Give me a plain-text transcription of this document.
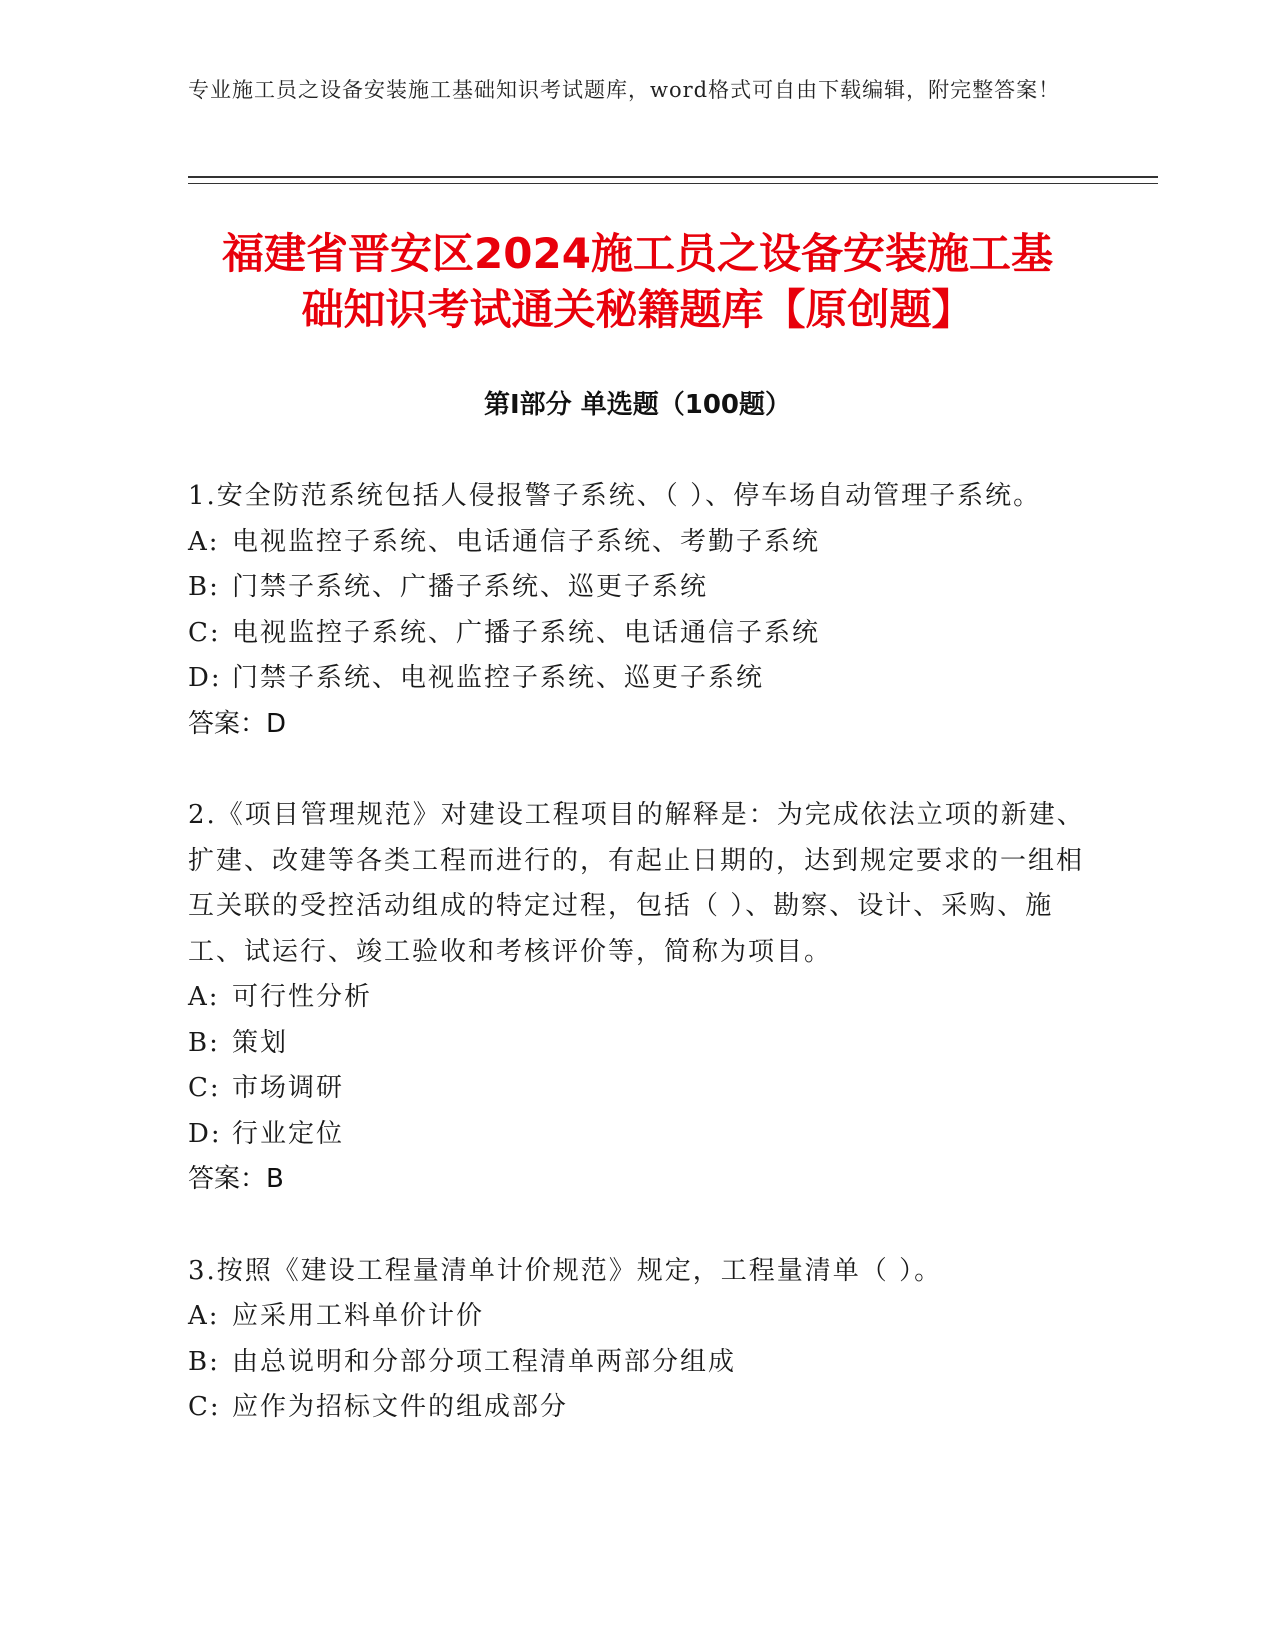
专业施工员之设备安装施工基础知识考试题库，word格式可自由下载编辑，附完整答案！
福建省晋安区2024施工员之设备安装施工基
础知识考试通关秘籍题库【原创题】
第Ⅰ部分 单选题（100题）

1.安全防范系统包括人侵报警子系统、（ ）、停车场自动管理子系统。

A: 电视监控子系统、电话通信子系统、考勤子系统

B: 门禁子系统、广播子系统、巡更子系统

C: 电视监控子系统、广播子系统、电话通信子系统

D: 门禁子系统、电视监控子系统、巡更子系统

答案：D

2.《项目管理规范》对建设工程项目的解释是：为完成依法立项的新建、扩建、改建等各类工程而进行的，有起止日期的，达到规定要求的一组相互关联的受控活动组成的特定过程，包括（ ）、勘察、设计、采购、施工、试运行、竣工验收和考核评价等，简称为项目。

A: 可行性分析

B: 策划

C: 市场调研

D: 行业定位

答案：B

3.按照《建设工程量清单计价规范》规定，工程量清单（ ）。

A: 应采用工料单价计价

B: 由总说明和分部分项工程清单两部分组成

C: 应作为招标文件的组成部分
